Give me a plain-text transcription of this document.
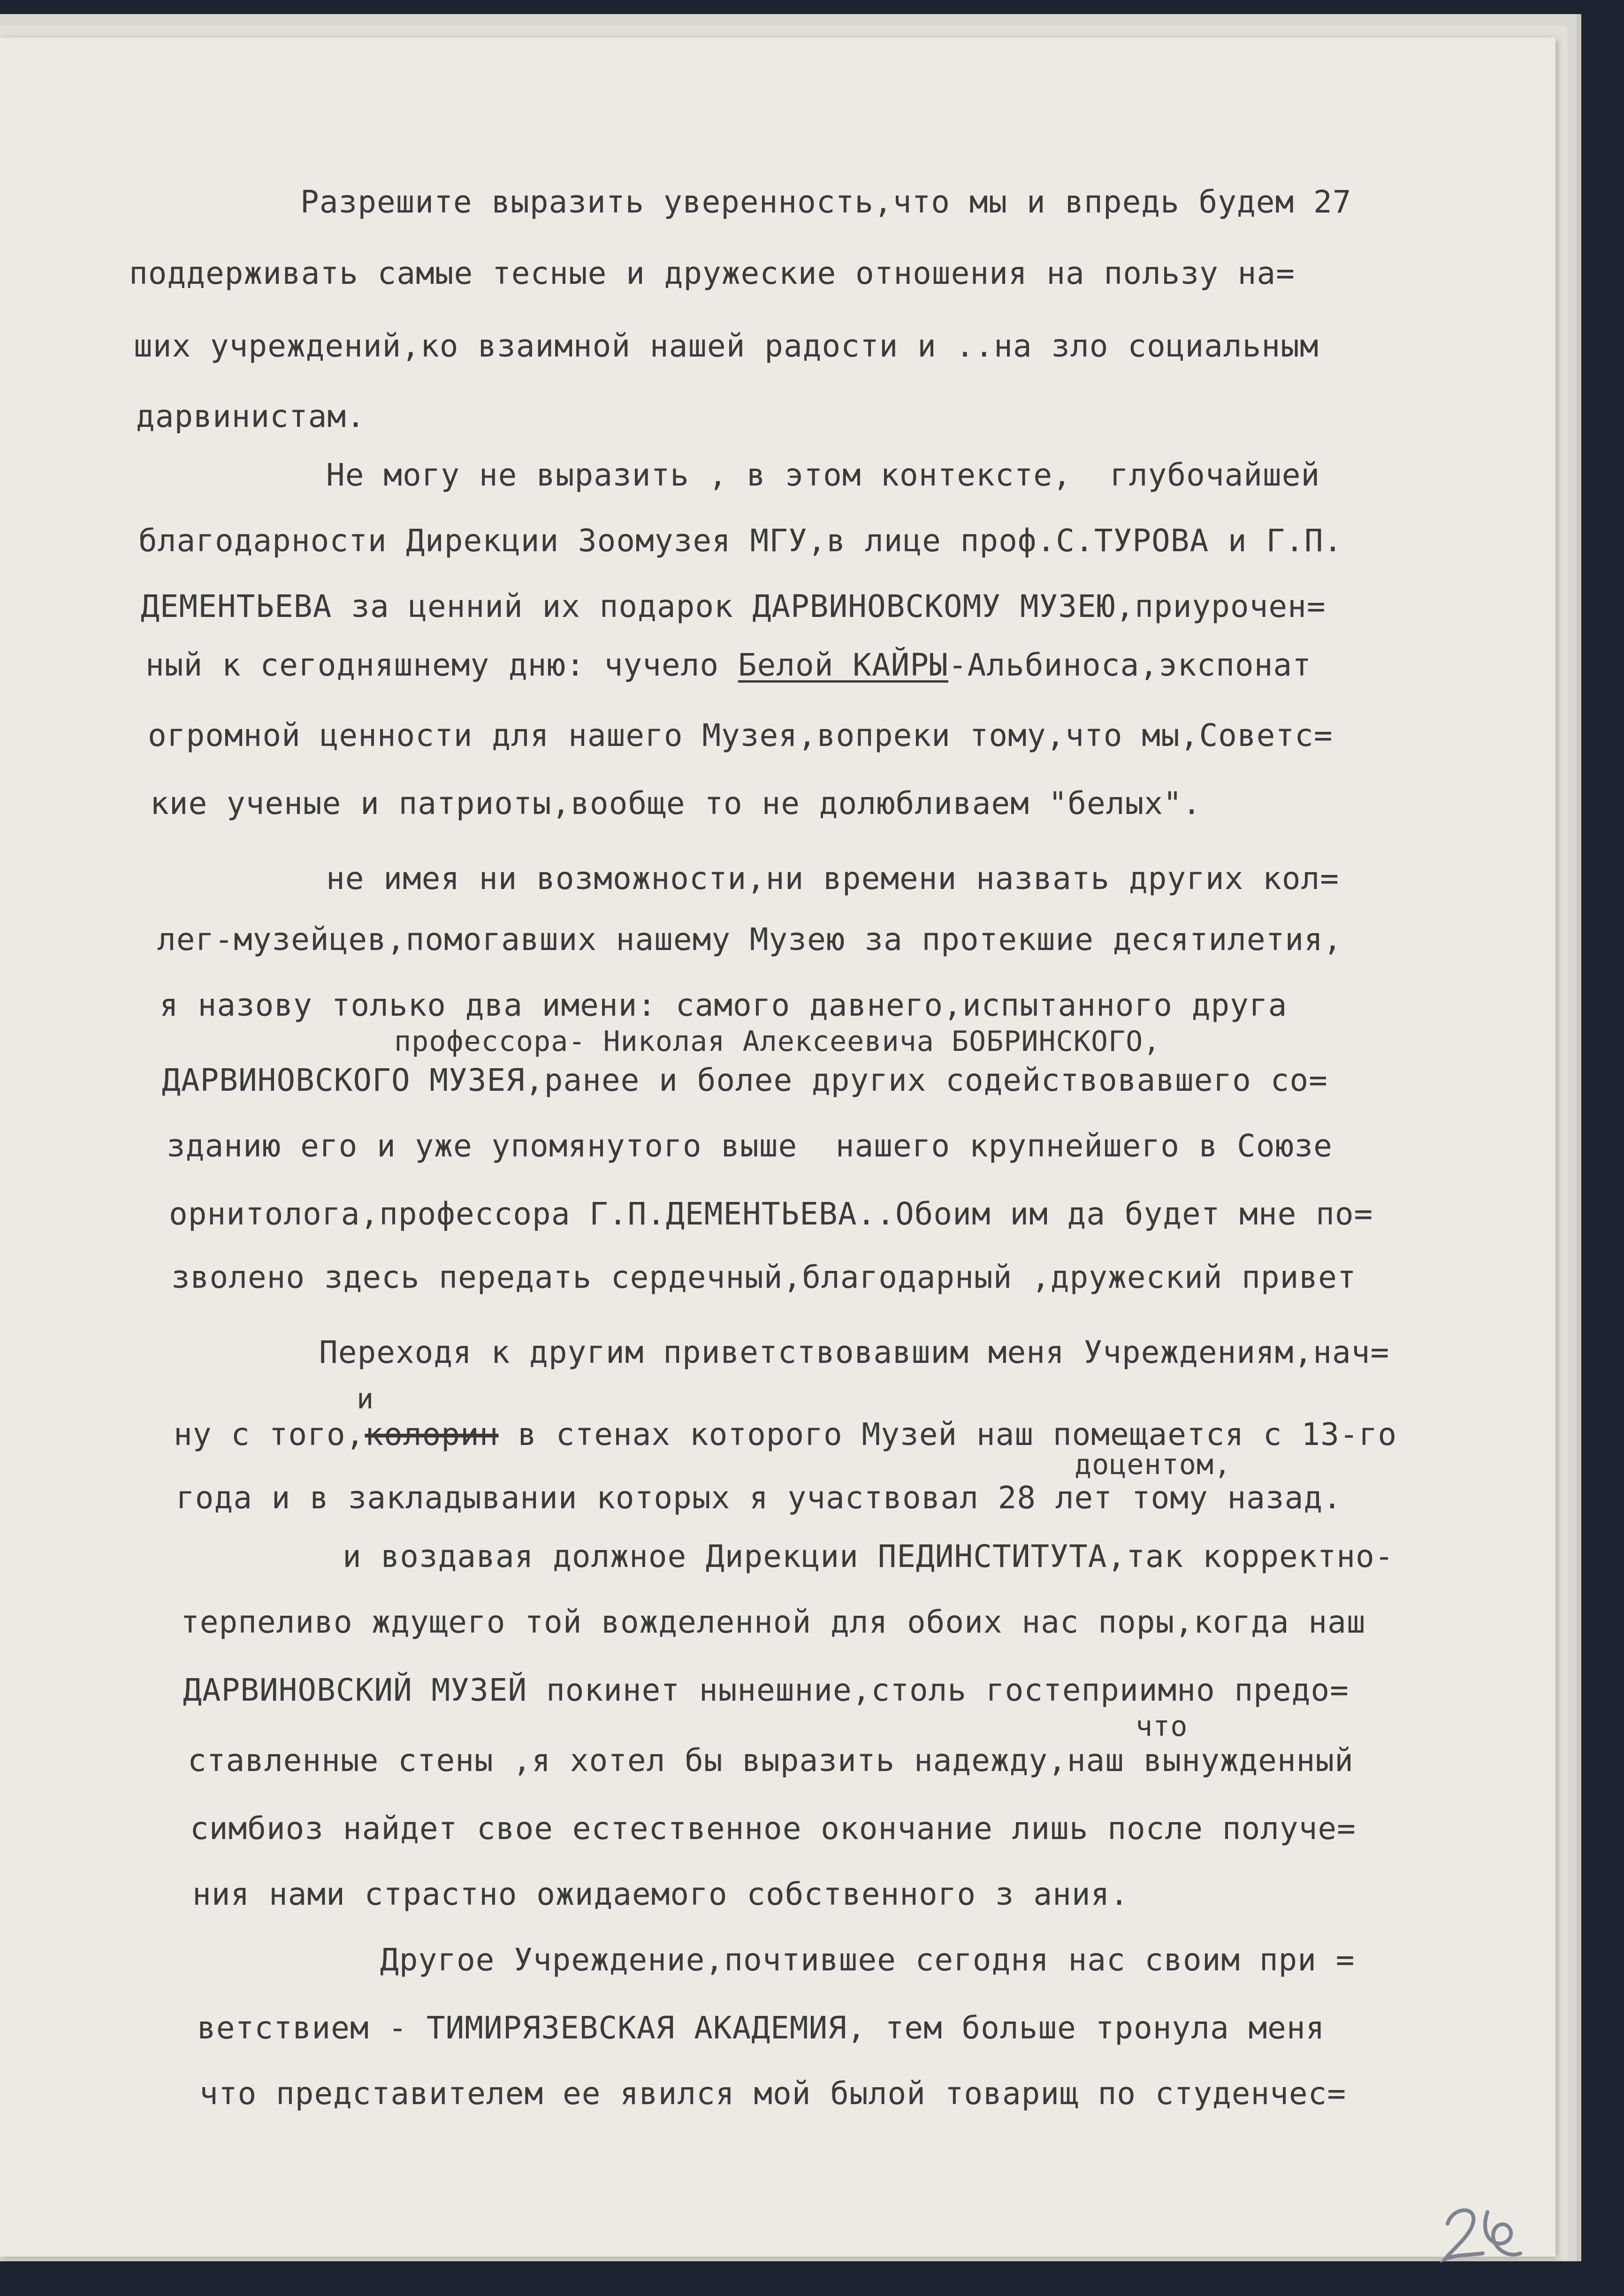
Разрешите выразить уверенность,что мы и впредь будем 27
поддерживать самые тесные и дружеские отношения на пользу на=
ших учреждений,ко взаимной нашей радости и ..на зло социальным
дарвинистам.
Не могу не выразить , в этом контексте,  глубочайшей
благодарности Дирекции Зоомузея МГУ,в лице проф.С.ТУРОВА и Г.П.
ДЕМЕНТЬЕВА за ценний их подарок ДАРВИНОВСКОМУ МУЗЕЮ,приурочен=
ный к сегодняшнему дню: чучело Белой КАЙРЫ-Альбиноса,экспонат
огромной ценности для нашего Музея,вопреки тому,что мы,Советс=
кие ученые и патриоты,вообще то не долюбливаем "белых".
не имея ни возможности,ни времени назвать других кол=
лег-музейцев,помогавших нашему Музею за протекшие десятилетия,
я назову только два имени: самого давнего,испытанного друга
профессора- Николая Алексеевича БОБРИНСКОГО,
ДАРВИНОВСКОГО МУЗЕЯ,ранее и более других содействовавшего со=
зданию его и уже упомянутого выше  нашего крупнейшего в Союзе
орнитолога,профессора Г.П.ДЕМЕНТЬЕВА..Обоим им да будет мне по=
зволено здесь передать сердечный,благодарный ,дружеский привет
Переходя к другим приветствовавшим меня Учреждениям,нач=
и
ну с того,колорин в стенах которого Музей наш помещается с 13-го
доцентом,
года и в закладывании которых я участвовал 28 лет тому назад.
и воздавая должное Дирекции ПЕДИНСТИТУТА,так корректно-
терпеливо ждущего той вожделенной для обоих нас поры,когда наш
ДАРВИНОВСКИЙ МУЗЕЙ покинет нынешние,столь гостеприимно предо=
что
ставленные стены ,я хотел бы выразить надежду,наш вынужденный
симбиоз найдет свое естественное окончание лишь после получе=
ния нами страстно ожидаемого собственного з ания.
Другое Учреждение,почтившее сегодня нас своим при =
ветствием - ТИМИРЯЗЕВСКАЯ АКАДЕМИЯ, тем больше тронула меня
что представителем ее явился мой былой товарищ по студенчес=
